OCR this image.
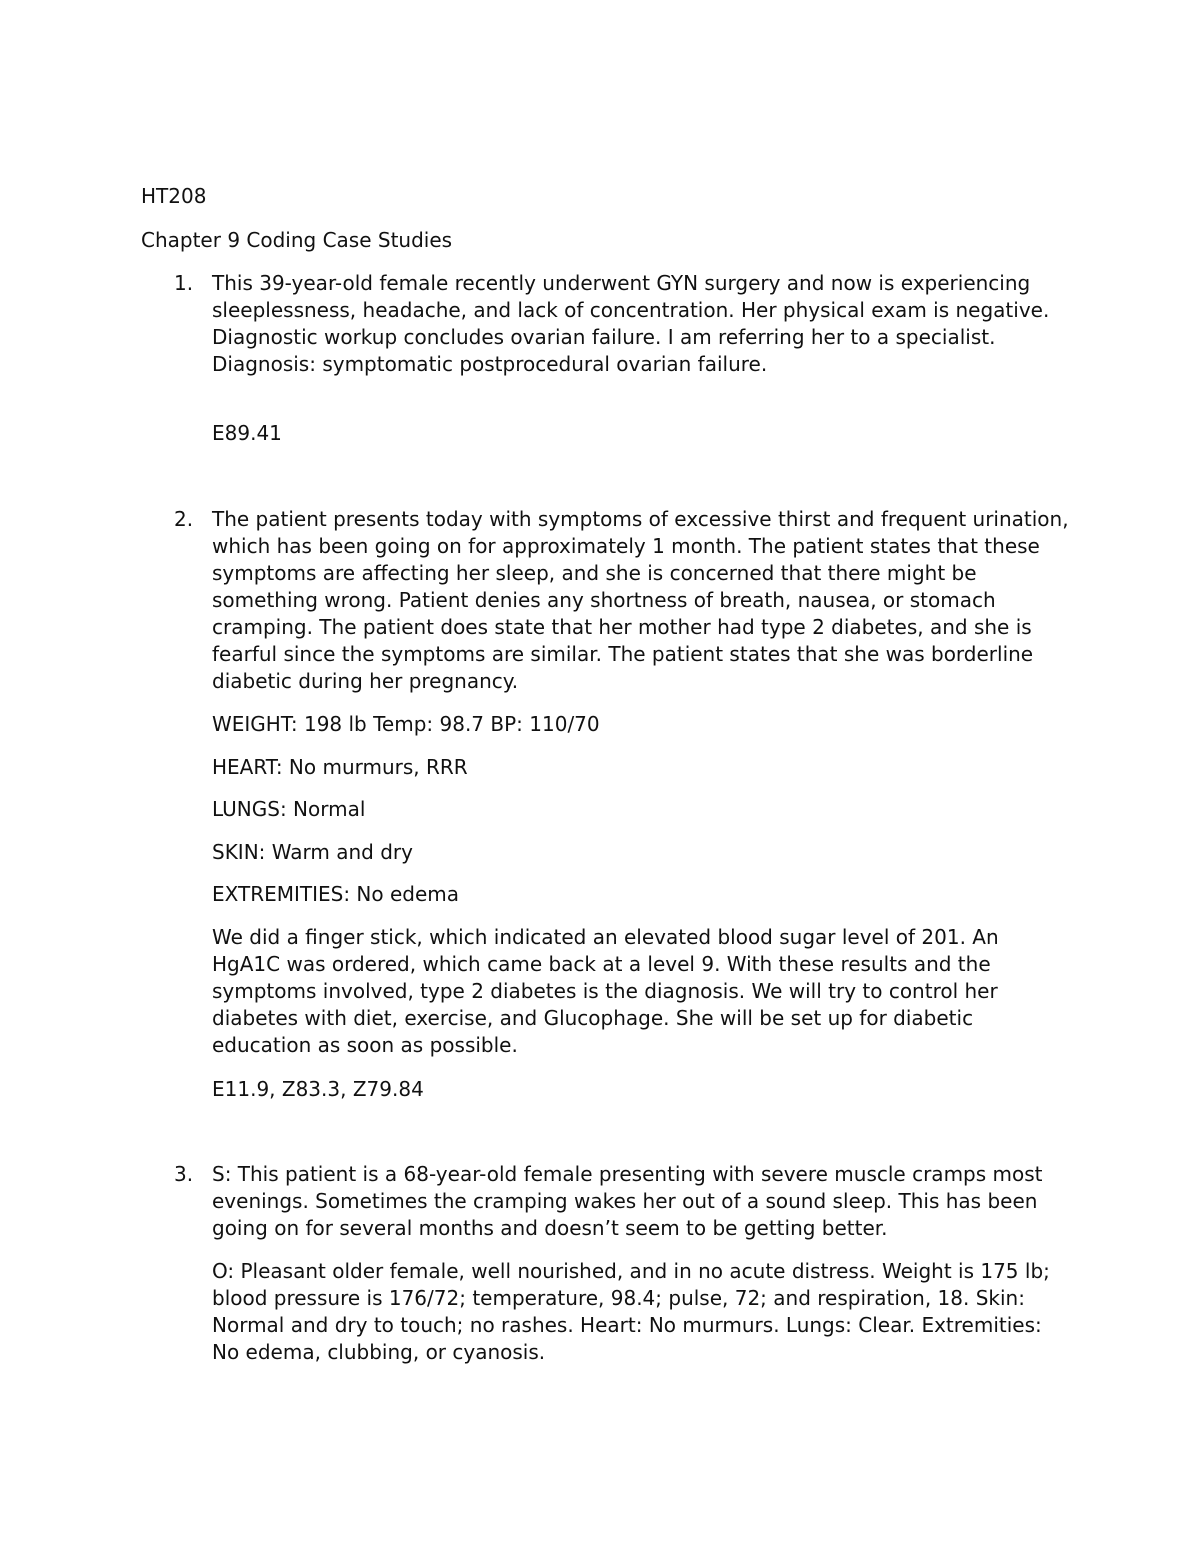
HT208

Chapter 9 Coding Case Studies

1. This 39-year-old female recently underwent GYN surgery and now is experiencing sleeplessness, headache, and lack of concentration. Her physical exam is negative. Diagnostic workup concludes ovarian failure. I am referring her to a specialist. Diagnosis: symptomatic postprocedural ovarian failure.

E89.41

2. The patient presents today with symptoms of excessive thirst and frequent urination, which has been going on for approximately 1 month. The patient states that these symptoms are affecting her sleep, and she is concerned that there might be something wrong. Patient denies any shortness of breath, nausea, or stomach cramping. The patient does state that her mother had type 2 diabetes, and she is fearful since the symptoms are similar. The patient states that she was borderline diabetic during her pregnancy.

WEIGHT: 198 lb Temp: 98.7 BP: 110/70

HEART: No murmurs, RRR

LUNGS: Normal

SKIN: Warm and dry

EXTREMITIES: No edema

We did a finger stick, which indicated an elevated blood sugar level of 201. An HgA1C was ordered, which came back at a level 9. With these results and the symptoms involved, type 2 diabetes is the diagnosis. We will try to control her diabetes with diet, exercise, and Glucophage. She will be set up for diabetic education as soon as possible.

E11.9, Z83.3, Z79.84

3. S: This patient is a 68-year-old female presenting with severe muscle cramps most evenings. Sometimes the cramping wakes her out of a sound sleep. This has been going on for several months and doesn’t seem to be getting better.

O: Pleasant older female, well nourished, and in no acute distress. Weight is 175 lb; blood pressure is 176/72; temperature, 98.4; pulse, 72; and respiration, 18. Skin: Normal and dry to touch; no rashes. Heart: No murmurs. Lungs: Clear. Extremities: No edema, clubbing, or cyanosis.
